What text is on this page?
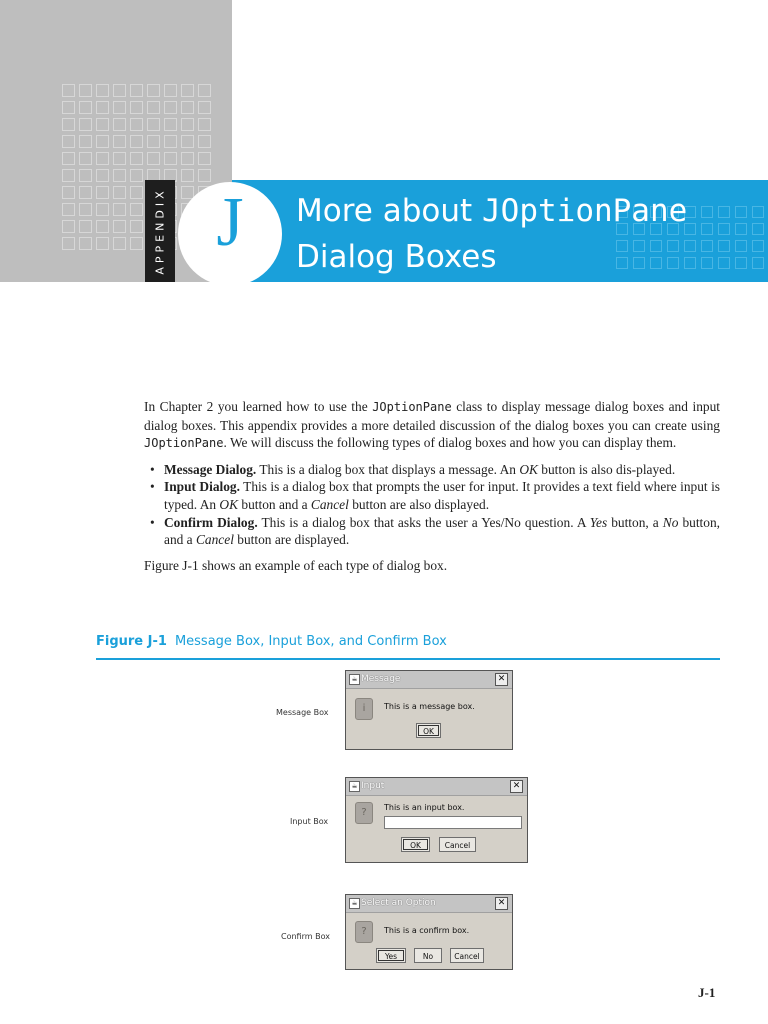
APPENDIX J	More about JOptionPane
Dialog Boxes

In Chapter 2 you learned how to use the JOptionPane class to display message dialog boxes and input dialog boxes. This appendix provides a more detailed discussion of the dialog boxes you can create using JOptionPane. We will discuss the following types of dialog boxes and how you can display them.

• Message Dialog. This is a dialog box that displays a message. An OK button is also dis-played.
• Input Dialog. This is a dialog box that prompts the user for input. It provides a text field where input is typed. An OK button and a Cancel button are also displayed.
• Confirm Dialog. This is a dialog box that asks the user a Yes/No question. A Yes button, a No button, and a Cancel button are displayed.

Figure J-1 shows an example of each type of dialog box.

Figure J-1 Message Box, Input Box, and Confirm Box
Message Box
Input Box
Confirm Box
☕ Message	✕
i	This is a message box.
OK
☕ Input	✕
?	This is an input box.
OK	Cancel
☕ Select an Option	✕
?	This is a confirm box.
Yes	No	Cancel
J-1
